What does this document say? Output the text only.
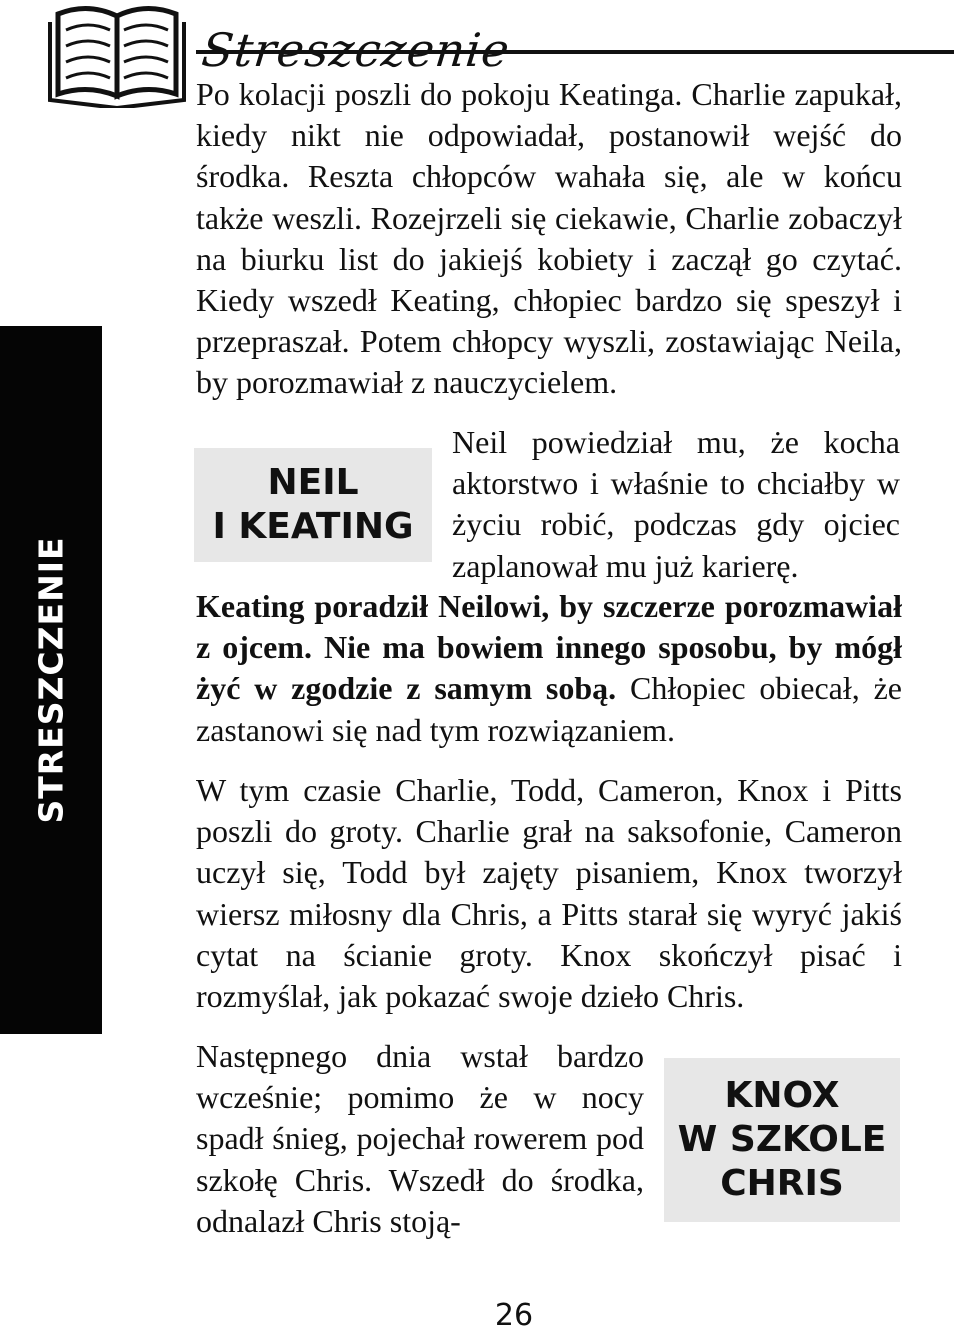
Streszczenie
STRESZCZENIE

Po kolacji poszli do pokoju Keatinga. Charlie zapukał, kiedy nikt nie odpowiadał, postanowił wejść do środka. Reszta chłopców wahała się, ale w końcu także weszli. Rozejrzeli się ciekawie, Charlie zobaczył na biurku list do jakiejś kobiety i zaczął go czytać. Kiedy wszedł Keating, chłopiec bardzo się speszył i przepraszał. Potem chłopcy wyszli, zostawiając Neila, by porozmawiał z nauczycielem.

NEIL
I KEATING

Neil powiedział mu, że kocha aktorstwo i właśnie to chciałby w życiu robić, podczas gdy ojciec zaplanował mu już karierę.

Keating poradził Neilowi, by szczerze porozmawiał z ojcem. Nie ma bowiem innego sposobu, by mógł żyć w zgodzie z samym sobą. Chłopiec obiecał, że zastanowi się nad tym rozwiązaniem.

W tym czasie Charlie, Todd, Cameron, Knox i Pitts poszli do groty. Charlie grał na saksofonie, Cameron uczył się, Todd był zajęty pisaniem, Knox tworzył wiersz miłosny dla Chris, a Pitts starał się wyryć jakiś cytat na ścianie groty. Knox skończył pisać i rozmyślał, jak pokazać swoje dzieło Chris.

Następnego dnia wstał bardzo wcześnie; pomimo że w nocy spadł śnieg, pojechał rowerem pod szkołę Chris. Wszedł do środka, odnalazł Chris stoją-

KNOX
W SZKOLE
CHRIS
26
